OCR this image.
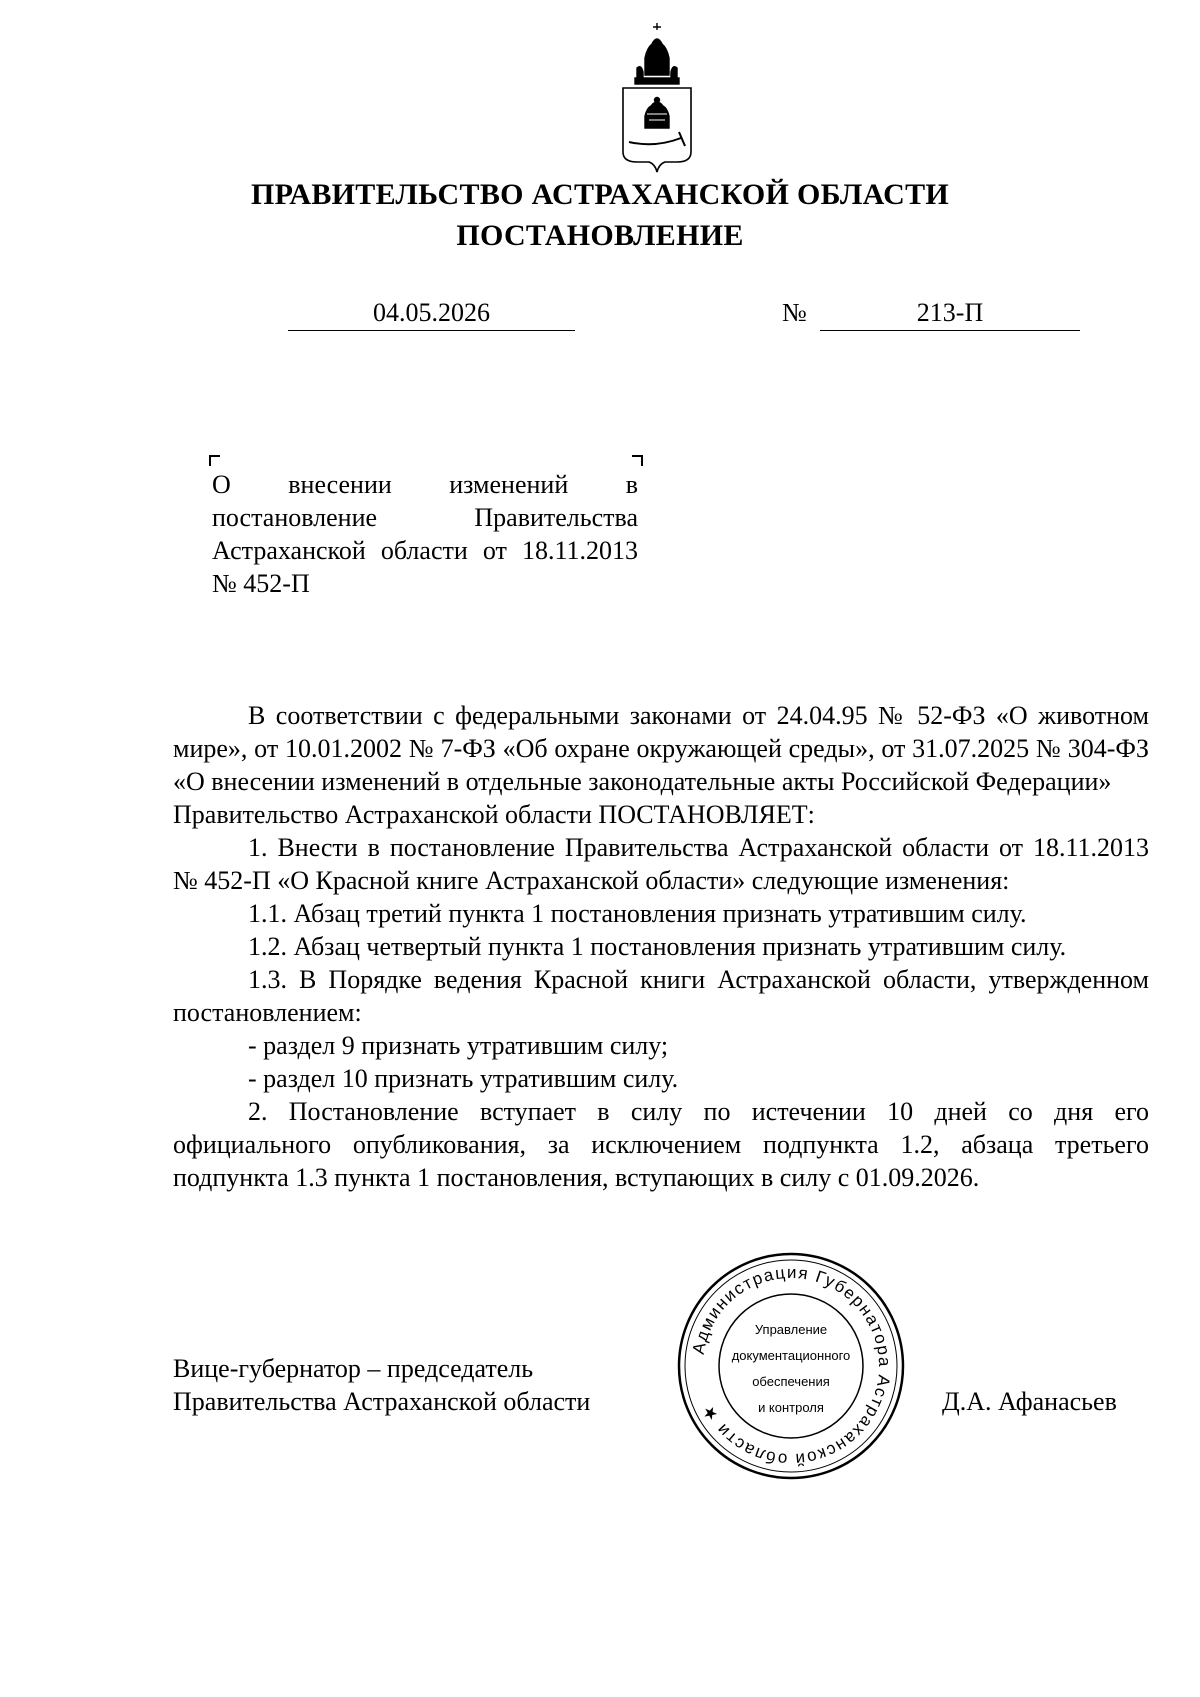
ПРАВИТЕЛЬСТВО АСТРАХАНСКОЙ ОБЛАСТИ
ПОСТАНОВЛЕНИЕ
04.05.2026	№	213-П
О внесении изменений в постановление Правительства Астраханской области от 18.11.2013 № 452-П

В соответствии с федеральными законами от 24.04.95 № 52-ФЗ «О животном мире», от 10.01.2002 № 7-ФЗ «Об охране окружающей среды», от 31.07.2025 № 304-ФЗ «О внесении изменений в отдельные законодательные акты Российской Федерации»

Правительство Астраханской области ПОСТАНОВЛЯЕТ:

1. Внести в постановление Правительства Астраханской области от 18.11.2013 № 452-П «О Красной книге Астраханской области» следующие изменения:

1.1. Абзац третий пункта 1 постановления признать утратившим силу.

1.2. Абзац четвертый пункта 1 постановления признать утратившим силу.

1.3. В Порядке ведения Красной книги Астраханской области, утвержденном постановлением:

- раздел 9 признать утратившим силу;

- раздел 10 признать утратившим силу.

2. Постановление вступает в силу по истечении 10 дней со дня его официального опубликования, за исключением подпункта 1.2, абзаца третьего подпункта 1.3 пункта 1 постановления, вступающих в силу с 01.09.2026.

Вице-губернатор – председатель
Правительства Астраханской области	Д.А. Афанасьев
Администрация Губернатора Астраханской области ★
Управление
документационного
обеспечения
и контроля
